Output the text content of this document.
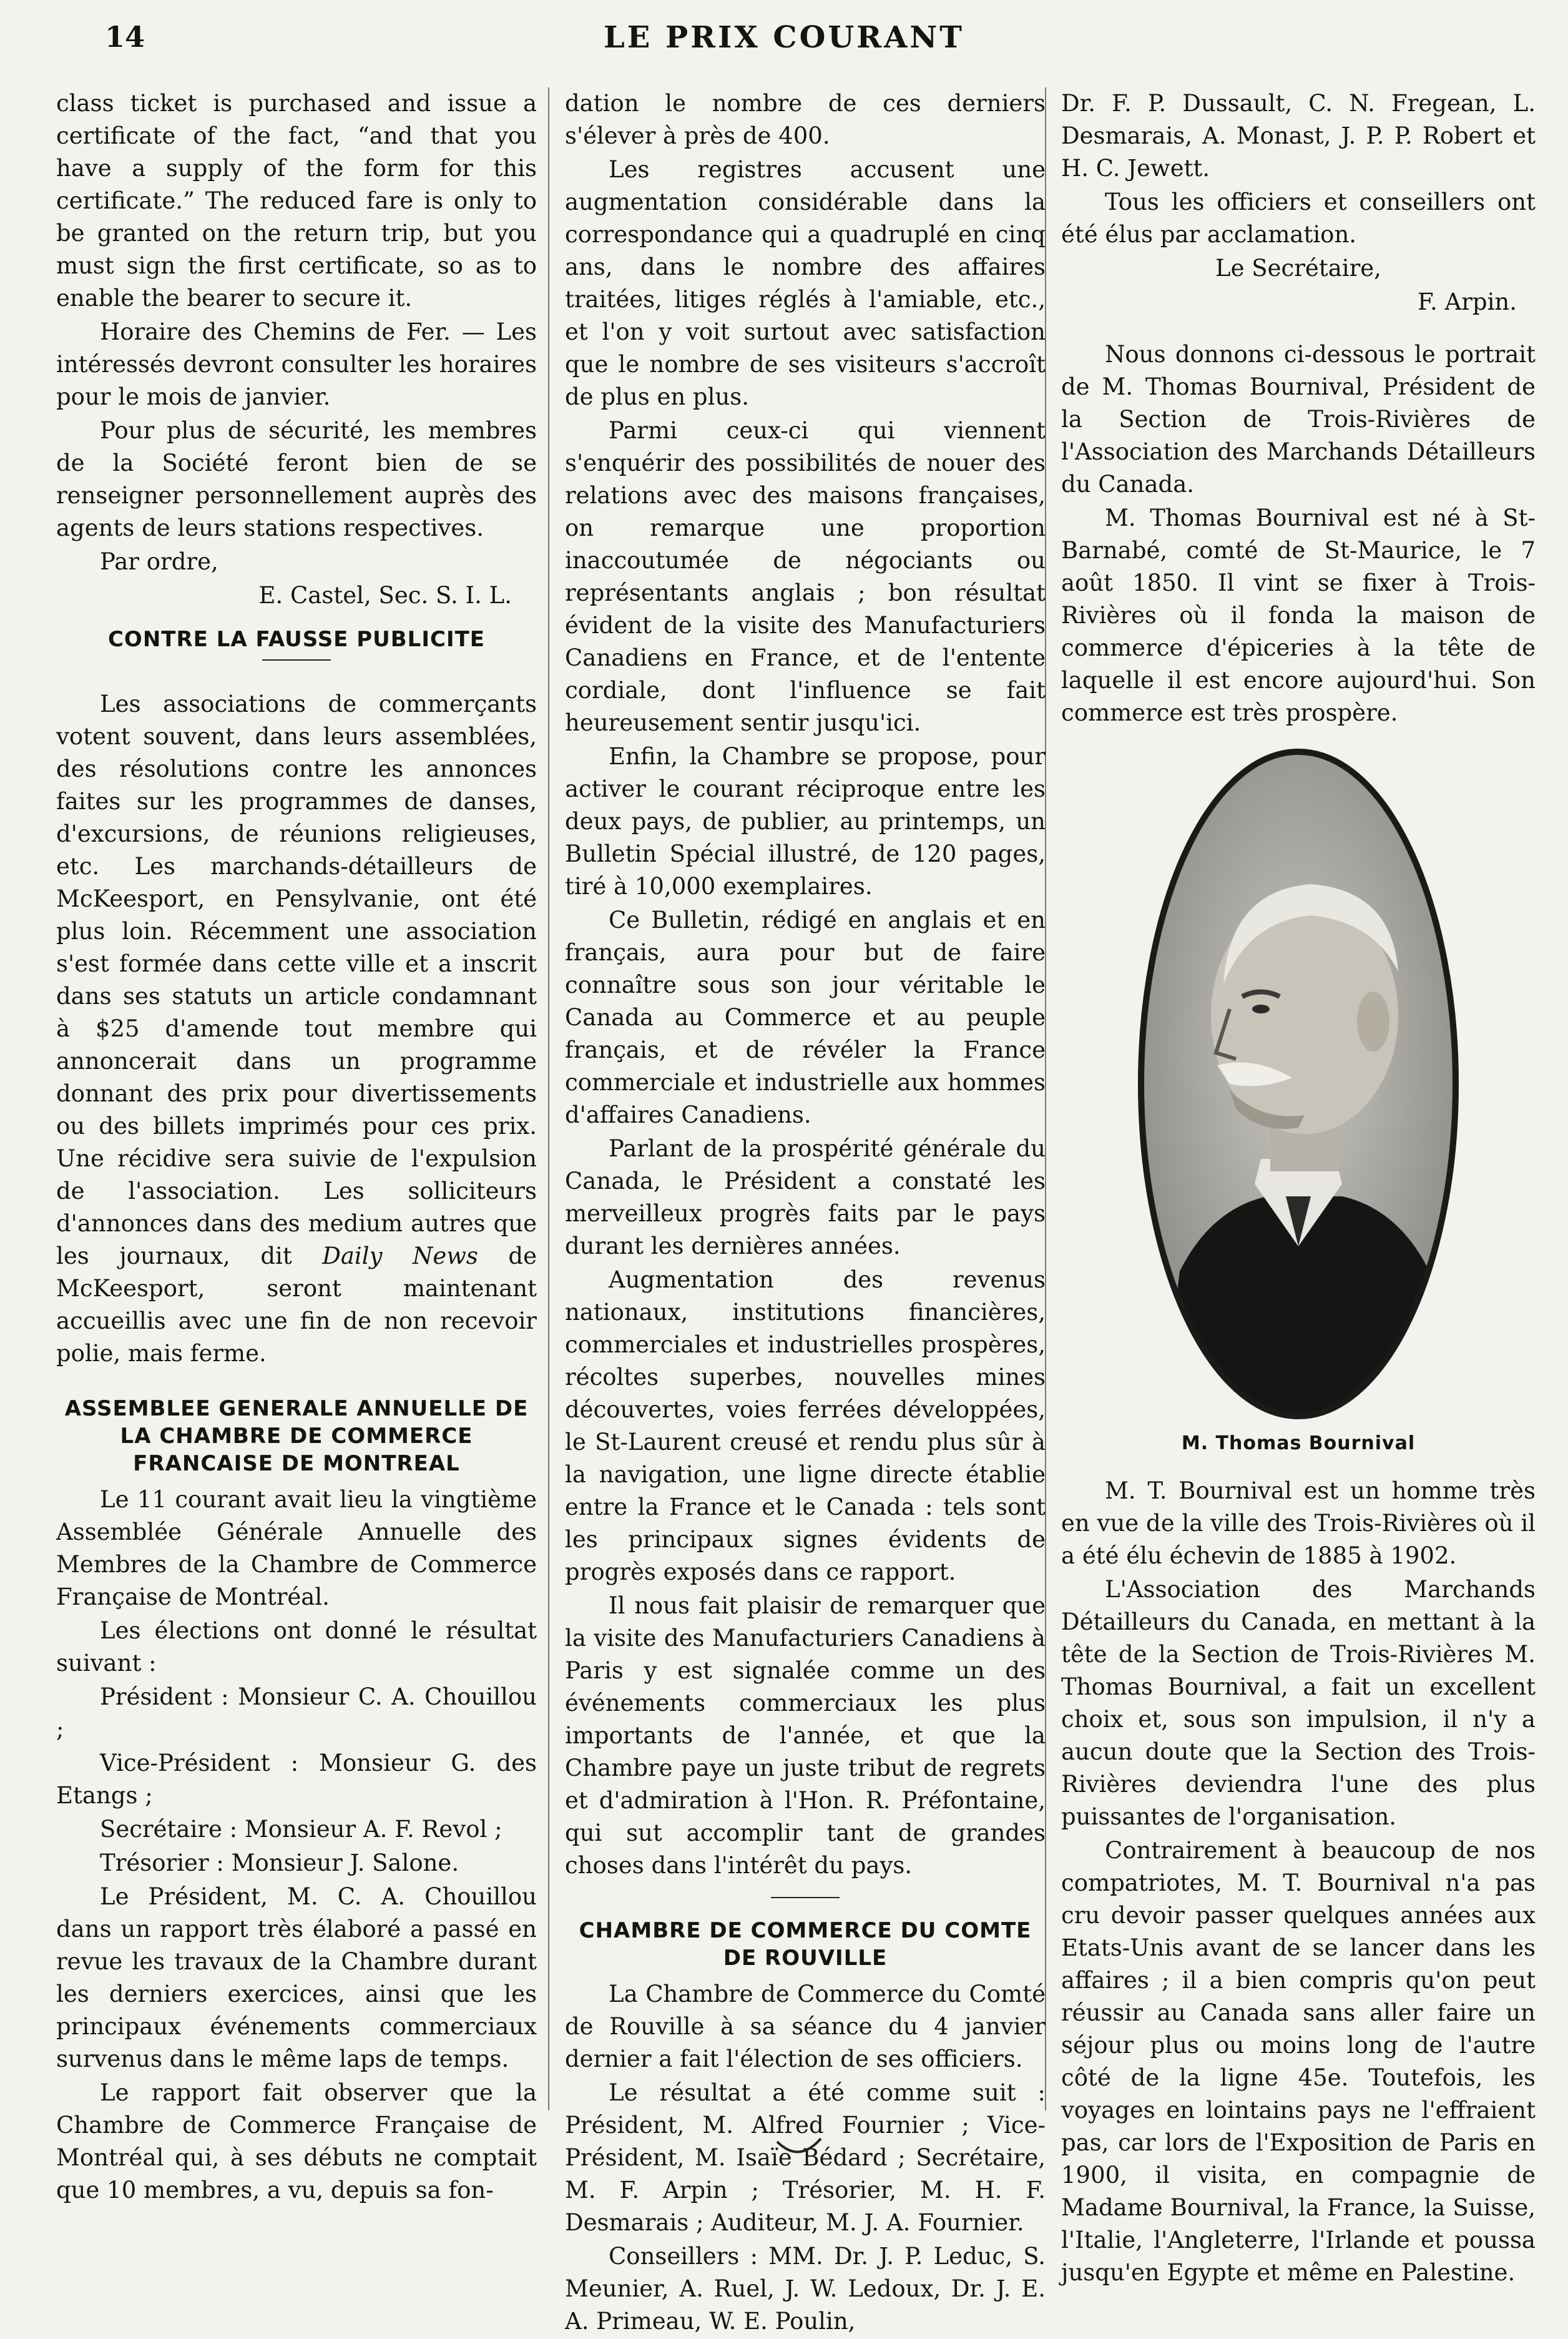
14	LE PRIX COURANT

class ticket is purchased and issue a certificate of the fact, “and that you have a supply of the form for this certificate.” The reduced fare is only to be granted on the return trip, but you must sign the first certificate, so as to enable the bearer to secure it.

Horaire des Chemins de Fer. — Les intéressés devront consulter les horaires pour le mois de janvier.

Pour plus de sécurité, les membres de la Société feront bien de se renseigner personnellement auprès des agents de leurs stations respectives.

Par ordre,

E. Castel, Sec. S. I. L.

CONTRE LA FAUSSE PUBLICITE

Les associations de commerçants votent souvent, dans leurs assemblées, des résolutions contre les annonces faites sur les programmes de danses, d'excursions, de réunions religieuses, etc. Les marchands-détailleurs de McKeesport, en Pensylvanie, ont été plus loin. Récemment une association s'est formée dans cette ville et a inscrit dans ses statuts un article condamnant à $25 d'amende tout membre qui annoncerait dans un programme donnant des prix pour divertissements ou des billets imprimés pour ces prix. Une récidive sera suivie de l'expulsion de l'association. Les solliciteurs d'annonces dans des medium autres que les journaux, dit Daily News de McKeesport, seront maintenant accueillis avec une fin de non recevoir polie, mais ferme.

ASSEMBLEE GENERALE ANNUELLE DE LA CHAMBRE DE COMMERCE FRANCAISE DE MONTREAL

Le 11 courant avait lieu la vingtième Assemblée Générale Annuelle des Membres de la Chambre de Commerce Française de Montréal.

Les élections ont donné le résultat suivant :

Président : Monsieur C. A. Chouillou ;

Vice-Président : Monsieur G. des Etangs ;

Secrétaire : Monsieur A. F. Revol ;

Trésorier : Monsieur J. Salone.

Le Président, M. C. A. Chouillou dans un rapport très élaboré a passé en revue les travaux de la Chambre durant les derniers exercices, ainsi que les principaux événements commerciaux survenus dans le même laps de temps.

Le rapport fait observer que la Chambre de Commerce Française de Montréal qui, à ses débuts ne comptait que 10 membres, a vu, depuis sa fon-

dation le nombre de ces derniers s'élever à près de 400.

Les registres accusent une augmentation considérable dans la correspondance qui a quadruplé en cinq ans, dans le nombre des affaires traitées, litiges réglés à l'amiable, etc., et l'on y voit surtout avec satisfaction que le nombre de ses visiteurs s'accroît de plus en plus.

Parmi ceux-ci qui viennent s'enquérir des possibilités de nouer des relations avec des maisons françaises, on remarque une proportion inaccoutumée de négociants ou représentants anglais ; bon résultat évident de la visite des Manufacturiers Canadiens en France, et de l'entente cordiale, dont l'influence se fait heureusement sentir jusqu'ici.

Enfin, la Chambre se propose, pour activer le courant réciproque entre les deux pays, de publier, au printemps, un Bulletin Spécial illustré, de 120 pages, tiré à 10,000 exemplaires.

Ce Bulletin, rédigé en anglais et en français, aura pour but de faire connaître sous son jour véritable le Canada au Commerce et au peuple français, et de révéler la France commerciale et industrielle aux hommes d'affaires Canadiens.

Parlant de la prospérité générale du Canada, le Président a constaté les merveilleux progrès faits par le pays durant les dernières années.

Augmentation des revenus nationaux, institutions financières, commerciales et industrielles prospères, récoltes superbes, nouvelles mines découvertes, voies ferrées développées, le St-Laurent creusé et rendu plus sûr à la navigation, une ligne directe établie entre la France et le Canada : tels sont les principaux signes évidents de progrès exposés dans ce rapport.

Il nous fait plaisir de remarquer que la visite des Manufacturiers Canadiens à Paris y est signalée comme un des événements commerciaux les plus importants de l'année, et que la Chambre paye un juste tribut de regrets et d'admiration à l'Hon. R. Préfontaine, qui sut accomplir tant de grandes choses dans l'intérêt du pays.

CHAMBRE DE COMMERCE DU COMTE DE ROUVILLE

La Chambre de Commerce du Comté de Rouville à sa séance du 4 janvier dernier a fait l'élection de ses officiers.

Le résultat a été comme suit : Président, M. Alfred Fournier ; Vice-Président, M. Isaïe Bédard ; Secrétaire, M. F. Arpin ; Trésorier, M. H. F. Desmarais ; Auditeur, M. J. A. Fournier.

Conseillers : MM. Dr. J. P. Leduc, S. Meunier, A. Ruel, J. W. Ledoux, Dr. J. E. A. Primeau, W. E. Poulin,

Dr. F. P. Dussault, C. N. Fregean, L. Desmarais, A. Monast, J. P. P. Robert et H. C. Jewett.

Tous les officiers et conseillers ont été élus par acclamation.

Le Secrétaire,

F. Arpin.

Nous donnons ci-dessous le portrait de M. Thomas Bournival, Président de la Section de Trois-Rivières de l'Association des Marchands Détailleurs du Canada.

M. Thomas Bournival est né à St-Barnabé, comté de St-Maurice, le 7 août 1850. Il vint se fixer à Trois-Rivières où il fonda la maison de commerce d'épiceries à la tête de laquelle il est encore aujourd'hui. Son commerce est très prospère.

M. Thomas Bournival

M. T. Bournival est un homme très en vue de la ville des Trois-Rivières où il a été élu échevin de 1885 à 1902.

L'Association des Marchands Détailleurs du Canada, en mettant à la tête de la Section de Trois-Rivières M. Thomas Bournival, a fait un excellent choix et, sous son impulsion, il n'y a aucun doute que la Section des Trois-Rivières deviendra l'une des plus puissantes de l'organisation.

Contrairement à beaucoup de nos compatriotes, M. T. Bournival n'a pas cru devoir passer quelques années aux Etats-Unis avant de se lancer dans les affaires ; il a bien compris qu'on peut réussir au Canada sans aller faire un séjour plus ou moins long de l'autre côté de la ligne 45e. Toutefois, les voyages en lointains pays ne l'effraient pas, car lors de l'Exposition de Paris en 1900, il visita, en compagnie de Madame Bournival, la France, la Suisse, l'Italie, l'Angleterre, l'Irlande et poussa jusqu'en Egypte et même en Palestine.
